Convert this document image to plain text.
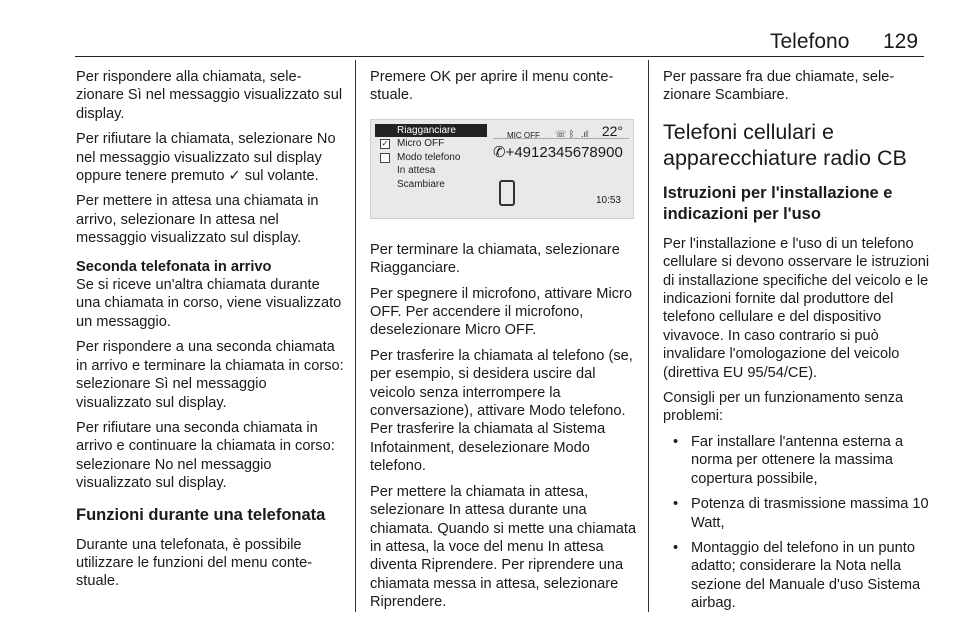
Telefono 129

Per rispondere alla chiamata, selezionare Sì nel messaggio visualizzato sul display.

Per rifiutare la chiamata, selezionare No nel messaggio visualizzato sul display oppure tenere premuto ✓ sul volante.

Per mettere in attesa una chiamata in arrivo, selezionare In attesa nel messaggio visualizzato sul display.

Seconda telefonata in arrivo

Se si riceve un'altra chiamata durante una chiamata in corso, viene visualizzato un messaggio.

Per rispondere a una seconda chiamata in arrivo e terminare la chiamata in corso: selezionare Sì nel messaggio visualizzato sul display.

Per rifiutare una seconda chiamata in arrivo e continuare la chiamata in corso: selezionare No nel messaggio visualizzato sul display.

Funzioni durante una telefonata

Durante una telefonata, è possibile utilizzare le funzioni del menu contestuale.

Premere OK per aprire il menu contestuale.

Riagganciare
✓ Micro OFF
Modo telefono
In attesa
Scambiare
MIC OFF ☏ ᛒ .ıl 22°
✆+4912345678900
10:53

Per terminare la chiamata, selezionare Riagganciare.

Per spegnere il microfono, attivare Micro OFF. Per accendere il microfono, deselezionare Micro OFF.

Per trasferire la chiamata al telefono (se, per esempio, si desidera uscire dal veicolo senza interrompere la conversazione), attivare Modo telefono. Per trasferire la chiamata al Sistema Infotainment, deselezionare Modo telefono.

Per mettere la chiamata in attesa, selezionare In attesa durante una chiamata. Quando si mette una chiamata in attesa, la voce del menu In attesa diventa Riprendere. Per riprendere una chiamata messa in attesa, selezionare Riprendere.

Per passare fra due chiamate, selezionare Scambiare.

Telefoni cellulari e apparecchiature radio CB

Istruzioni per l'installazione e indicazioni per l'uso

Per l'installazione e l'uso di un telefono cellulare si devono osservare le istruzioni di installazione specifiche del veicolo e le indicazioni fornite dal produttore del telefono cellulare e del dispositivo vivavoce. In caso contrario si può invalidare l'omologazione del veicolo (direttiva EU 95/54/CE).

Consigli per un funzionamento senza problemi:

• Far installare l'antenna esterna a norma per ottenere la massima copertura possibile,

• Potenza di trasmissione massima 10 Watt,

• Montaggio del telefono in un punto adatto; considerare la Nota nella sezione del Manuale d'uso Sistema airbag.
